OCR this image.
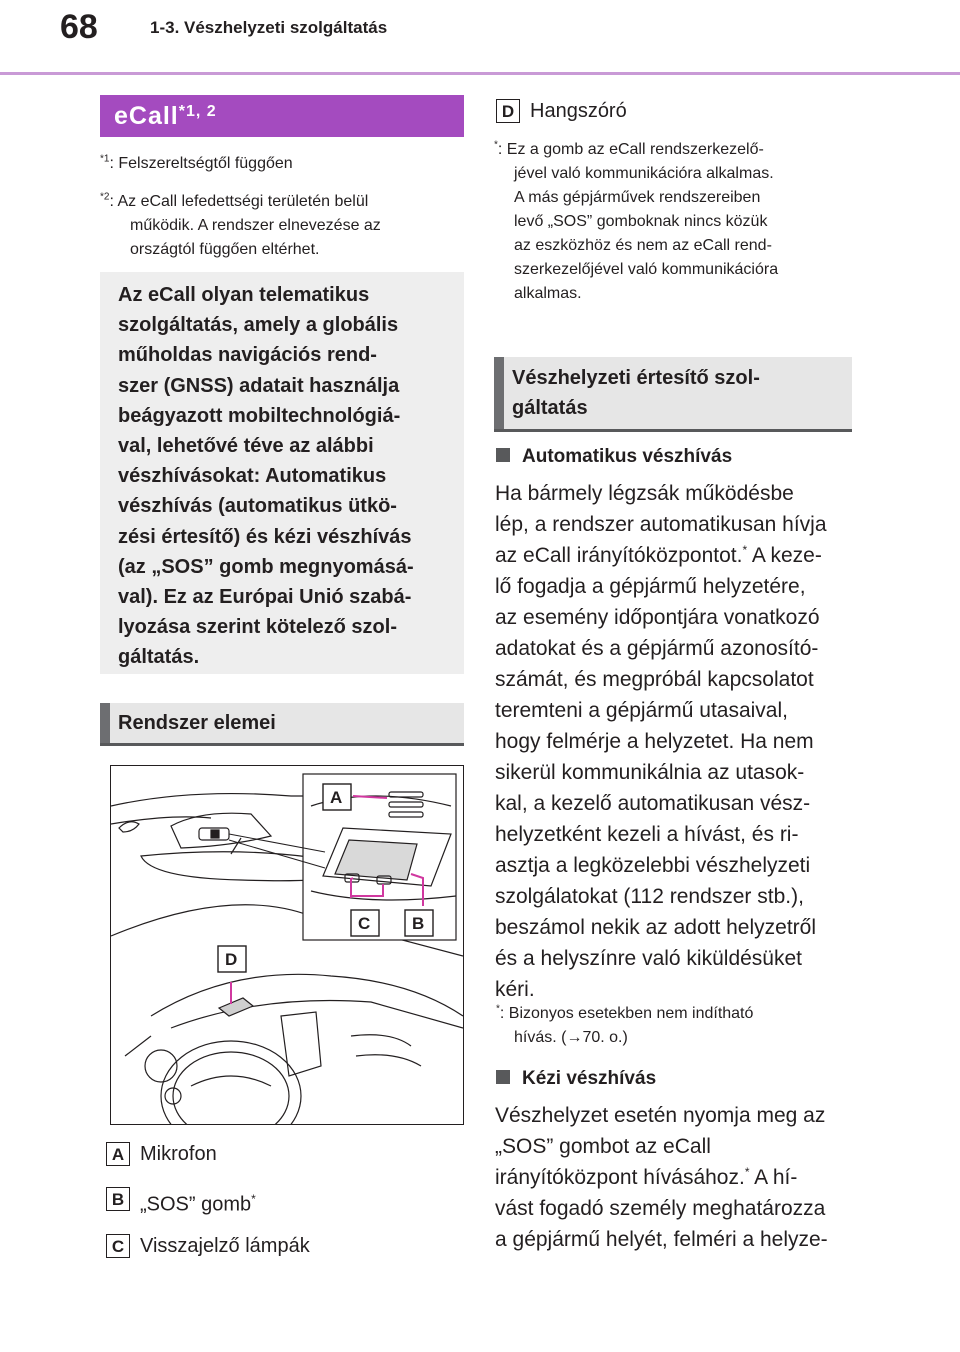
68	1-3. Vészhelyzeti szolgáltatás
eCall$^{*1, 2}$
$^{*1}$: Felszereltségtől függően
$^{*2}$: Az eCall lefedettségi területén belül
működik. A rendszer elnevezése az
országtól függően eltérhet.
Az eCall olyan telematikus
szolgáltatás, amely a globális
műholdas navigációs rend-
szer (GNSS) adatait használja
beágyazott mobiltechnológiá-
val, lehetővé téve az alábbi
vészhívásokat: Automatikus
vészhívás (automatikus ütkö-
zési értesítő) és kézi vészhívás
(az „SOS” gomb megnyomásá-
val). Ez az Európai Unió szabá-
lyozása szerint kötelező szol-
gáltatás.
Rendszer elemei
A
C B
D
A Mikrofon
B „SOS” gomb*
C Visszajelző lámpák
D Hangszóró
*: Ez a gomb az eCall rendszerkezelő-
jével való kommunikációra alkalmas.
A más gépjárművek rendszereiben
levő „SOS” gomboknak nincs közük
az eszközhöz és nem az eCall rend-
szerkezelőjével való kommunikációra
alkalmas.
Vészhelyzeti értesítő szol-
gáltatás
Automatikus vészhívás
Ha bármely légzsák működésbe
lép, a rendszer automatikusan hívja
az eCall irányítóközpontot.* A keze-
lő fogadja a gépjármű helyzetére,
az esemény időpontjára vonatkozó
adatokat és a gépjármű azonosító-
számát, és megpróbál kapcsolatot
teremteni a gépjármű utasaival,
hogy felmérje a helyzetet. Ha nem
sikerül kommunikálnia az utasok-
kal, a kezelő automatikusan vész-
helyzetként kezeli a hívást, és ri-
asztja a legközelebbi vészhelyzeti
szolgálatokat (112 rendszer stb.),
beszámol nekik az adott helyzetről
és a helyszínre való kiküldésüket
kéri.
*: Bizonyos esetekben nem indítható
hívás. (→70. o.)
Kézi vészhívás
Vészhelyzet esetén nyomja meg az
„SOS” gombot az eCall
irányítóközpont hívásához.* A hí-
vást fogadó személy meghatározza
a gépjármű helyét, felméri a helyze-
